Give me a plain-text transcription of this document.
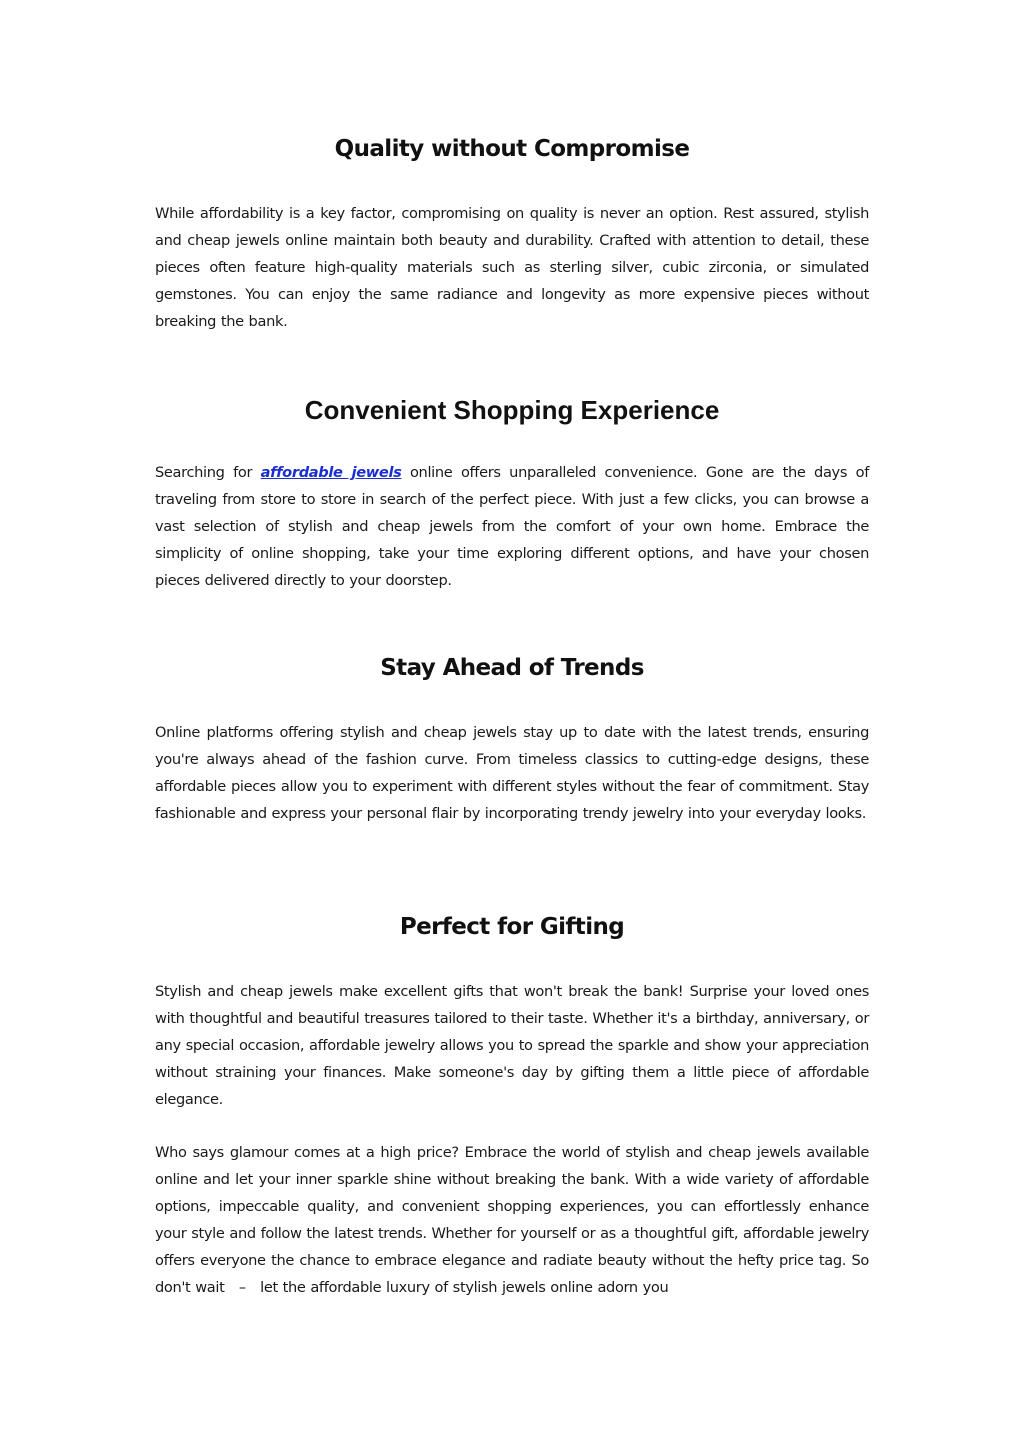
Quality without Compromise

While affordability is a key factor, compromising on quality is never an option. Rest assured, stylish and cheap jewels online maintain both beauty and durability. Crafted with attention to detail, these pieces often feature high-quality materials such as sterling silver, cubic zirconia, or simulated gemstones. You can enjoy the same radiance and longevity as more expensive pieces without breaking the bank.

Convenient Shopping Experience

Searching for affordable jewels online offers unparalleled convenience. Gone are the days of traveling from store to store in search of the perfect piece. With just a few clicks, you can browse a vast selection of stylish and cheap jewels from the comfort of your own home. Embrace the simplicity of online shopping, take your time exploring different options, and have your chosen pieces delivered directly to your doorstep.

Stay Ahead of Trends

Online platforms offering stylish and cheap jewels stay up to date with the latest trends, ensuring you're always ahead of the fashion curve. From timeless classics to cutting-edge designs, these affordable pieces allow you to experiment with different styles without the fear of commitment. Stay fashionable and express your personal flair by incorporating trendy jewelry into your everyday looks.

Perfect for Gifting

Stylish and cheap jewels make excellent gifts that won't break the bank! Surprise your loved ones with thoughtful and beautiful treasures tailored to their taste. Whether it's a birthday, anniversary, or any special occasion, affordable jewelry allows you to spread the sparkle and show your appreciation without straining your finances. Make someone's day by gifting them a little piece of affordable elegance.

Who says glamour comes at a high price? Embrace the world of stylish and cheap jewels available online and let your inner sparkle shine without breaking the bank. With a wide variety of affordable options, impeccable quality, and convenient shopping experiences, you can effortlessly enhance your style and follow the latest trends. Whether for yourself or as a thoughtful gift, affordable jewelry offers everyone the chance to embrace elegance and radiate beauty without the hefty price tag. So don't wait   –   let the affordable luxury of stylish jewels online adorn you
